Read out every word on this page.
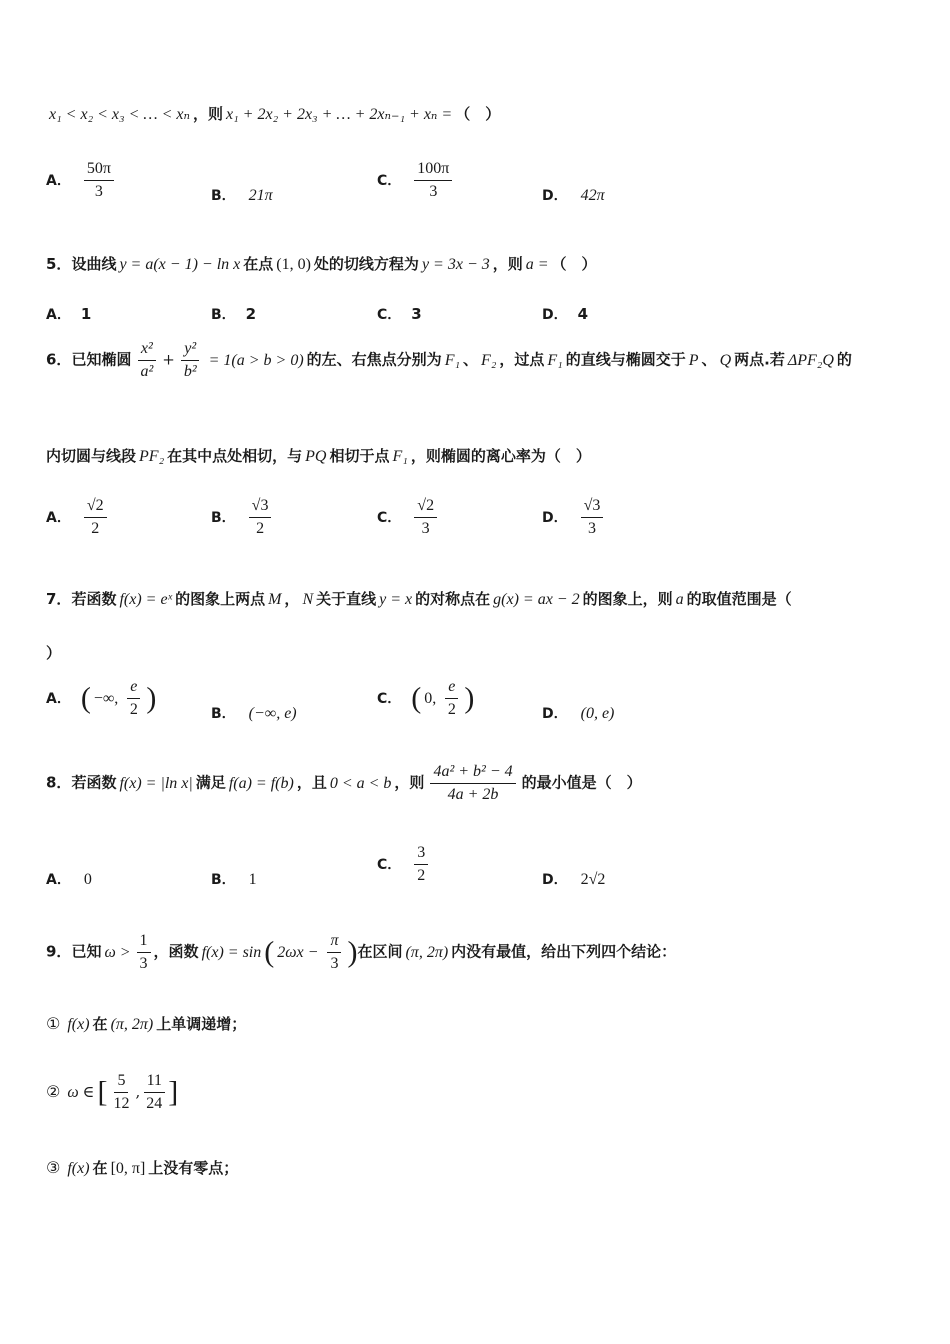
x₁ < x₂ < x₃ < … < xₙ ，则 x₁ + 2x₂ + 2x₃ + … + 2xₙ₋₁ + xₙ = （　）
A． $\frac{50\pi}{3}$	B． 21π
C． $\frac{100\pi}{3}$	D． 42π
5．设曲线 y = a(x − 1) − ln x 在点 (1, 0) 处的切线方程为 y = 3x − 3 ，则 a = （　）
A． 1	B． 2	C． 3	D． 4
6．已知椭圆 $\frac{\text{x²}}{\text{a²}} + \frac{\text{y²}}{\text{b²}} = 1(a > b > 0)$ 的左、右焦点分别为 F₁ 、 F₂ ，过点 F₁ 的直线与椭圆交于 P 、 Q 两点.若 ΔPF₂Q 的
内切圆与线段 PF₂ 在其中点处相切，与 PQ 相切于点 F₁ ，则椭圆的离心率为（　）
A． $\frac{√2}{2}$	B． $\frac{√3}{2}$	C． $\frac{√2}{3}$	D． $\frac{√3}{3}$
7．若函数 f(x) = eˣ 的图象上两点 M ， N 关于直线 y = x 的对称点在 g(x) = ax − 2 的图象上，则 a 的取值范围是（
）
A． ( −∞, $\frac{e}{2}$ )	B． (−∞, e)
C． ( 0, $\frac{e}{2}$ )	D． (0, e)
8．若函数 f(x) = |ln x| 满足 f(a) = f(b) ，且 0 < a < b ，则 $\frac{\text{4a² + b² − 4}}{4a + 2b}$ 的最小值是（　）
A． 0	B． 1
C． $\frac{3}{2}$	D． 2√2
9．已知 $\omega > \frac{1}{3}$ ，函数 f(x) = sin ( $2\omega x - \frac{\pi}{3}$ )在区间 (π, 2π) 内没有最值，给出下列四个结论：
① f(x) 在 (π, 2π) 上单调递增；
② ω ∈ [ $\frac{5}{12}$ , $\frac{11}{24}$ ]
③ f(x) 在 [0, π] 上没有零点；
